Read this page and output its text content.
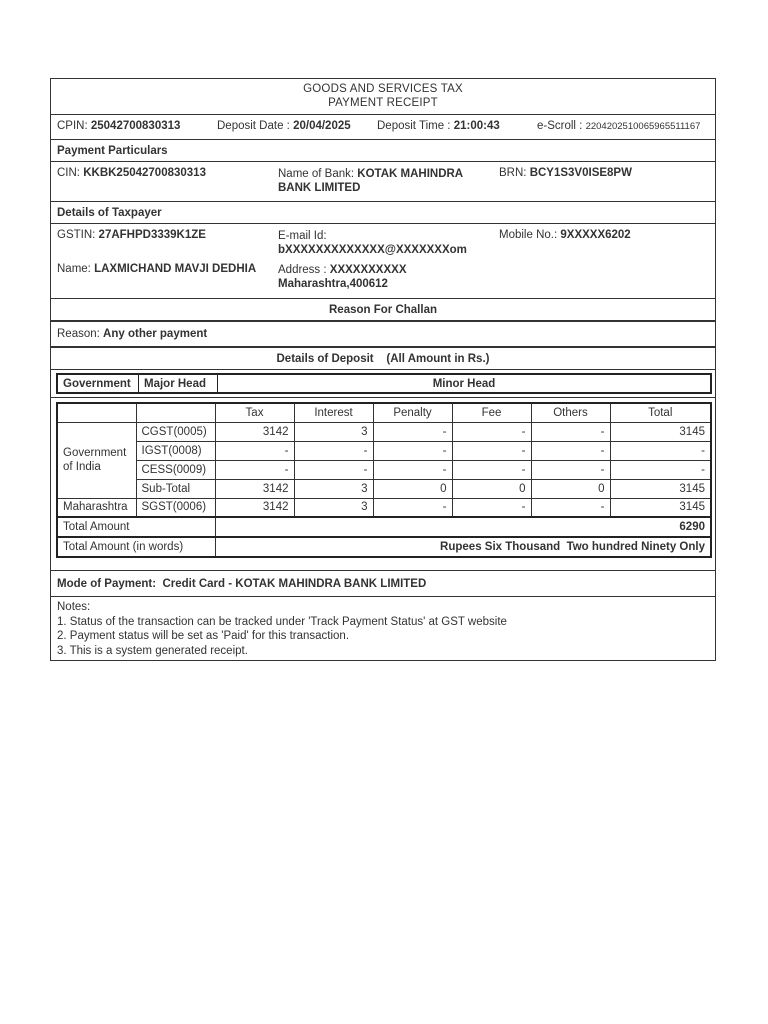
GOODS AND SERVICES TAX
PAYMENT RECEIPT
CPIN: 25042700830313	Deposit Date : 20/04/2025 Deposit Time : 21:00:43	e-Scroll : 2204202510065965511167
Payment Particulars
CIN: KKBK25042700830313	Name of Bank: KOTAK MAHINDRA
BANK LIMITED
BRN: BCY1S3V0ISE8PW
Details of Taxpayer
GSTIN: 27AFHPD3339K1ZE	E-mail Id:
bXXXXXXXXXXXXX@XXXXXXXom
Mobile No.: 9XXXXX6202
Name: LAXMICHAND MAVJI DEDHIA Address : XXXXXXXXXX
Maharashtra,400612
Reason For Challan
Reason: Any other payment
Details of Deposit    (All Amount in Rs.)
Government	Major Head	Minor Head
		Tax	Interest	Penalty	Fee	Others	Total
Government of India	CGST(0005)	3142	3	-	-	-	3145
	IGST(0008)	-	-	-	-	-	-
	CESS(0009)	-	-	-	-	-	-
	Sub-Total	3142	3	0	0	0	3145
Maharashtra	SGST(0006)	3142	3	-	-	-	3145
Total Amount		6290					
Total Amount (in words)		Rupees Six Thousand  Two hundred Ninety Only					
Mode of Payment: Credit Card - KOTAK MAHINDRA BANK LIMITED
Notes:
1. Status of the transaction can be tracked under 'Track Payment Status' at GST website
2. Payment status will be set as 'Paid' for this transaction.
3. This is a system generated receipt.
